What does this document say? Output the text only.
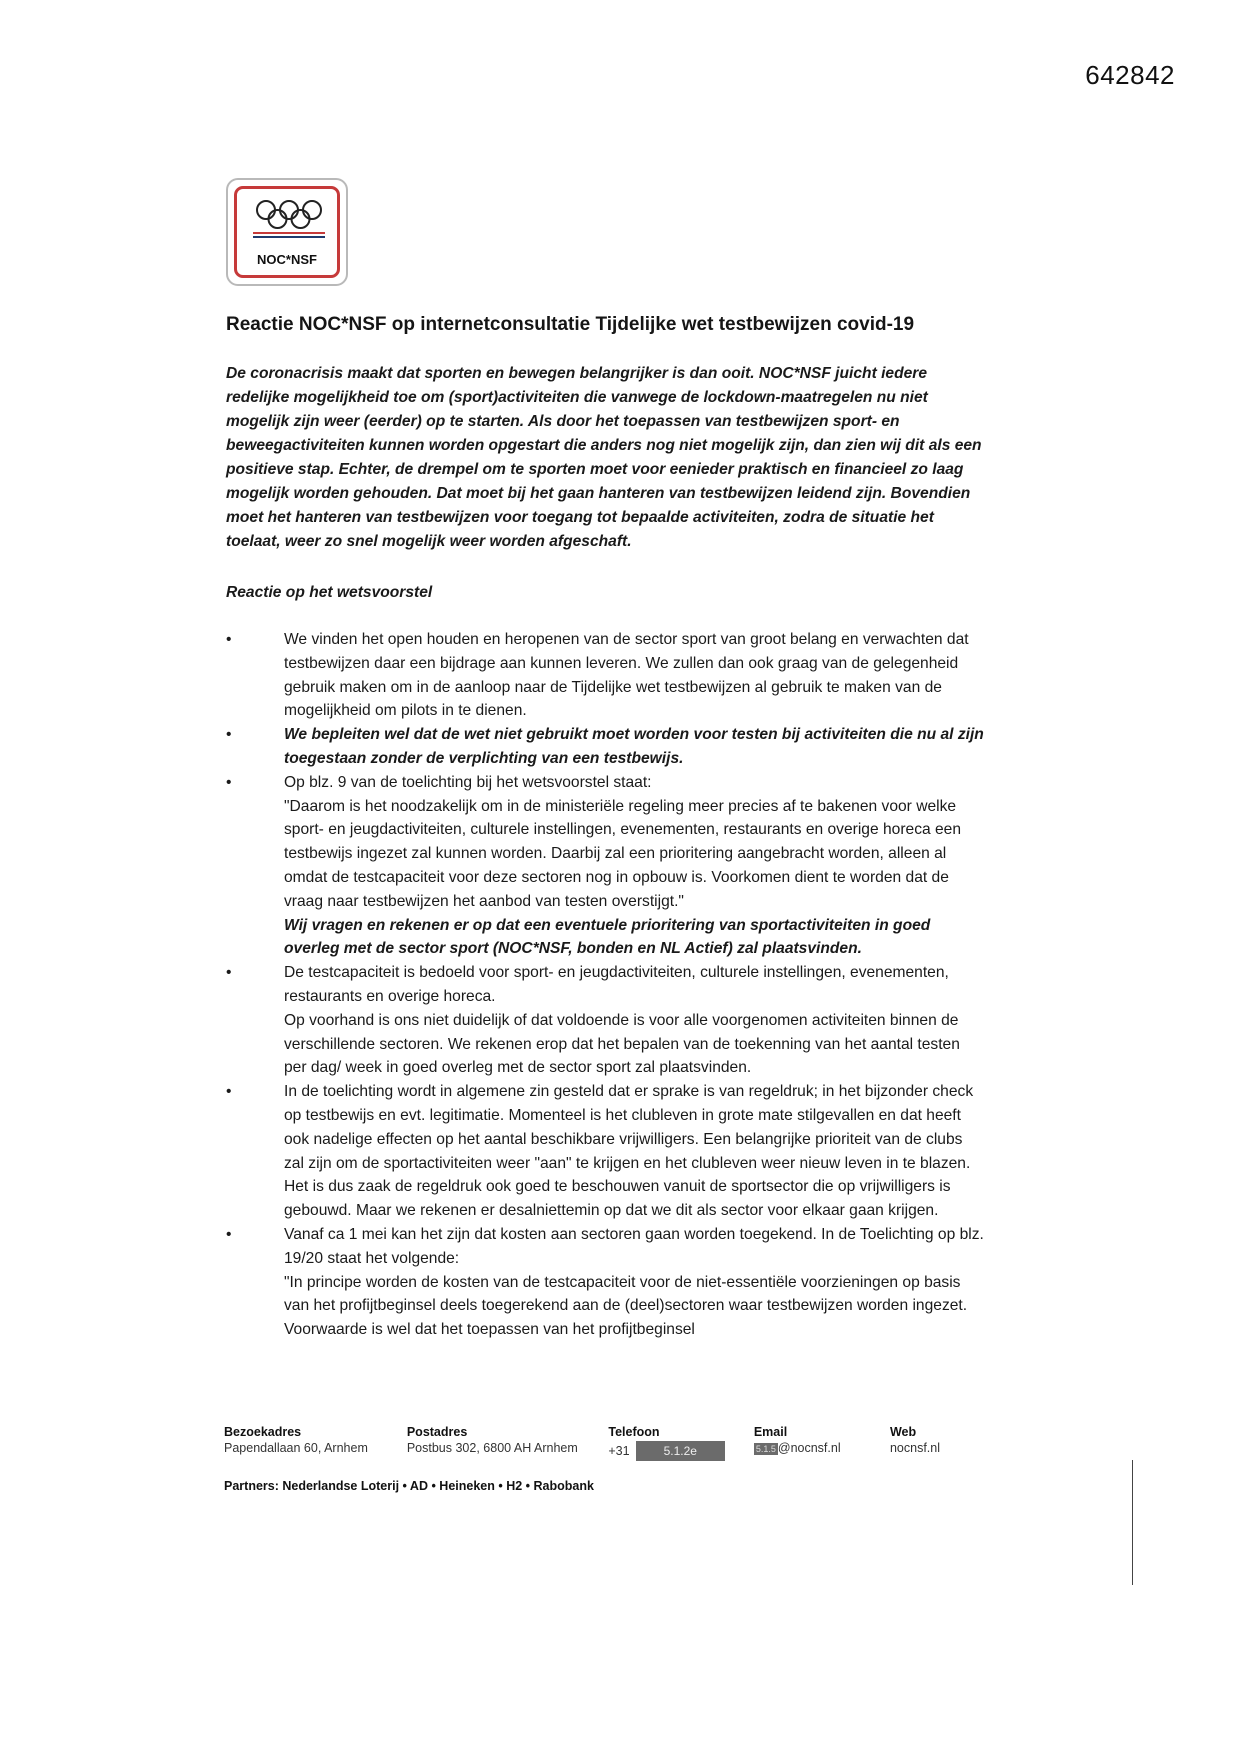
642842
NOC*NSF
Reactie NOC*NSF op internetconsultatie Tijdelijke wet testbewijzen covid-19

De coronacrisis maakt dat sporten en bewegen belangrijker is dan ooit. NOC*NSF juicht iedere redelijke mogelijkheid toe om (sport)activiteiten die vanwege de lockdown-maatregelen nu niet mogelijk zijn weer (eerder) op te starten. Als door het toepassen van testbewijzen sport- en beweegactiviteiten kunnen worden opgestart die anders nog niet mogelijk zijn, dan zien wij dit als een positieve stap. Echter, de drempel om te sporten moet voor eenieder praktisch en financieel zo laag mogelijk worden gehouden. Dat moet bij het gaan hanteren van testbewijzen leidend zijn. Bovendien moet het hanteren van testbewijzen voor toegang tot bepaalde activiteiten, zodra de situatie het toelaat, weer zo snel mogelijk weer worden afgeschaft.

Reactie op het wetsvoorstel
•	We vinden het open houden en heropenen van de sector sport van groot belang en verwachten dat testbewijzen daar een bijdrage aan kunnen leveren. We zullen dan ook graag van de gelegenheid gebruik maken om in de aanloop naar de Tijdelijke wet testbewijzen al gebruik te maken van de mogelijkheid om pilots in te dienen.
•	We bepleiten wel dat de wet niet gebruikt moet worden voor testen bij activiteiten die nu al zijn toegestaan zonder de verplichting van een testbewijs.
•	Op blz. 9 van de toelichting bij het wetsvoorstel staat:
"Daarom is het noodzakelijk om in de ministeriële regeling meer precies af te bakenen voor welke sport- en jeugdactiviteiten, culturele instellingen, evenementen, restaurants en overige horeca een testbewijs ingezet zal kunnen worden. Daarbij zal een prioritering aangebracht worden, alleen al omdat de testcapaciteit voor deze sectoren nog in opbouw is. Voorkomen dient te worden dat de vraag naar testbewijzen het aanbod van testen overstijgt."
Wij vragen en rekenen er op dat een eventuele prioritering van sportactiviteiten in goed overleg met de sector sport (NOC*NSF, bonden en NL Actief) zal plaatsvinden.
•	De testcapaciteit is bedoeld voor sport- en jeugdactiviteiten, culturele instellingen, evenementen, restaurants en overige horeca.
Op voorhand is ons niet duidelijk of dat voldoende is voor alle voorgenomen activiteiten binnen de verschillende sectoren. We rekenen erop dat het bepalen van de toekenning van het aantal testen per dag/ week in goed overleg met de sector sport zal plaatsvinden.
•	In de toelichting wordt in algemene zin gesteld dat er sprake is van regeldruk; in het bijzonder check op testbewijs en evt. legitimatie. Momenteel is het clubleven in grote mate stilgevallen en dat heeft ook nadelige effecten op het aantal beschikbare vrijwilligers. Een belangrijke prioriteit van de clubs zal zijn om de sportactiviteiten weer "aan" te krijgen en het clubleven weer nieuw leven in te blazen. Het is dus zaak de regeldruk ook goed te beschouwen vanuit de sportsector die op vrijwilligers is gebouwd. Maar we rekenen er desalniettemin op dat we dit als sector voor elkaar gaan krijgen.
•	Vanaf ca 1 mei kan het zijn dat kosten aan sectoren gaan worden toegekend. In de Toelichting op blz. 19/20 staat het volgende:
"In principe worden de kosten van de testcapaciteit voor de niet-essentiële voorzieningen op basis van het profijtbeginsel deels toegerekend aan de (deel)sectoren waar testbewijzen worden ingezet. Voorwaarde is wel dat het toepassen van het profijtbeginsel
Bezoekadres
Papendallaan 60, Arnhem
Postadres
Postbus 302, 6800 AH Arnhem
Telefoon
+31	5.1.2e
Email
5.1.5 @nocnsf.nl
Web
nocnsf.nl
Partners: Nederlandse Loterij • AD • Heineken • H2 • Rabobank
